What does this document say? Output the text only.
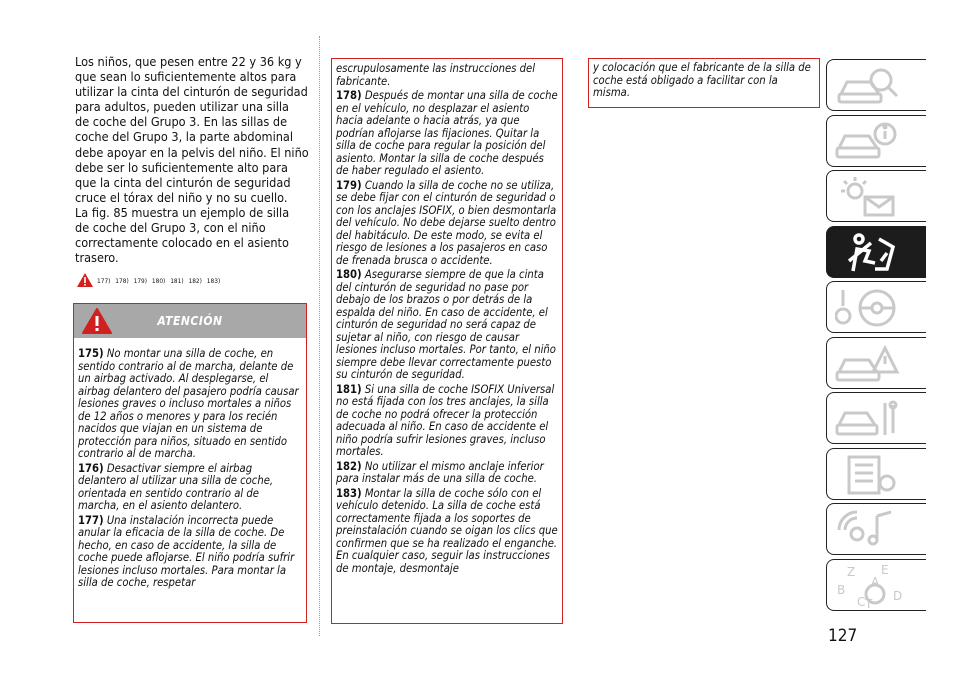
Los niños, que pesen entre 22 y 36 kg y

que sean lo suficientemente altos para

utilizar la cinta del cinturón de seguridad

para adultos, pueden utilizar una silla

de coche del Grupo 3. En las sillas de

coche del Grupo 3, la parte abdominal

debe apoyar en la pelvis del niño. El niño

debe ser lo suficientemente alto para

que la cinta del cinturón de seguridad

cruce el tórax del niño y no su cuello.

La fig. 85 muestra un ejemplo de silla

de coche del Grupo 3, con el niño

correctamente colocado en el asiento

trasero.

177) 178) 179) 180) 181) 182) 183)
ATENCIÓN
175) No montar una silla de coche, en sentido contrario al de marcha, delante de un airbag activado. Al desplegarse, el airbag delantero del pasajero podría causar lesiones graves o incluso mortales a niños de 12 años o menores y para los recién nacidos que viajan en un sistema de protección para niños, situado en sentido contrario al de marcha.
176) Desactivar siempre el airbag delantero al utilizar una silla de coche, orientada en sentido contrario al de marcha, en el asiento delantero.
177) Una instalación incorrecta puede anular la eficacia de la silla de coche. De hecho, en caso de accidente, la silla de coche puede aflojarse. El niño podría sufrir lesiones incluso mortales. Para montar la silla de coche, respetar
escrupulosamente las instrucciones del fabricante.
178) Después de montar una silla de coche en el vehículo, no desplazar el asiento hacia adelante o hacia atrás, ya que podrían aflojarse las fijaciones. Quitar la silla de coche para regular la posición del asiento. Montar la silla de coche después de haber regulado el asiento.
179) Cuando la silla de coche no se utiliza, se debe fijar con el cinturón de seguridad o con los anclajes ISOFIX, o bien desmontarla del vehículo. No debe dejarse suelto dentro del habitáculo. De este modo, se evita el riesgo de lesiones a los pasajeros en caso de frenada brusca o accidente.
180) Asegurarse siempre de que la cinta del cinturón de seguridad no pase por debajo de los brazos o por detrás de la espalda del niño. En caso de accidente, el cinturón de seguridad no será capaz de sujetar al niño, con riesgo de causar lesiones incluso mortales. Por tanto, el niño siempre debe llevar correctamente puesto su cinturón de seguridad.
181) Si una silla de coche ISOFIX Universal no está fijada con los tres anclajes, la silla de coche no podrá ofrecer la protección adecuada al niño. En caso de accidente el niño podría sufrir lesiones graves, incluso mortales.
182) No utilizar el mismo anclaje inferior para instalar más de una silla de coche.
183) Montar la silla de coche sólo con el vehículo detenido. La silla de coche está correctamente fijada a los soportes de preinstalación cuando se oigan los clics que confirmen que se ha realizado el enganche. En cualquier caso, seguir las instrucciones de montaje, desmontaje
y colocación que el fabricante de la silla de coche está obligado a facilitar con la misma.
Z E
A
B
C D
T
127
